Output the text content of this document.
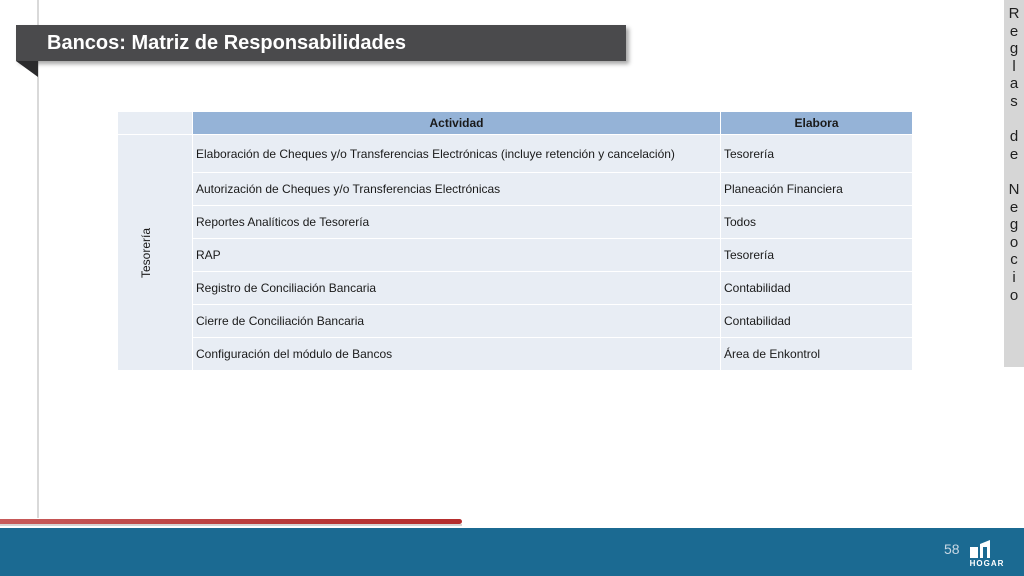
Bancos: Matriz de Responsabilidades

R
e
g
l
a
s

d
e

N
e
g
o
c
i
o

	Actividad	Elabora
Tesorería	Elaboración de Cheques y/o Transferencias Electrónicas (incluye retención y cancelación)	Tesorería
	Autorización de Cheques y/o Transferencias Electrónicas	Planeación Financiera
	Reportes Analíticos de Tesorería	Todos
	RAP	Tesorería
	Registro de Conciliación Bancaria	Contabilidad
	Cierre de Conciliación Bancaria	Contabilidad
	Configuración del módulo de Bancos	Área de Enkontrol
58
HOGAR
